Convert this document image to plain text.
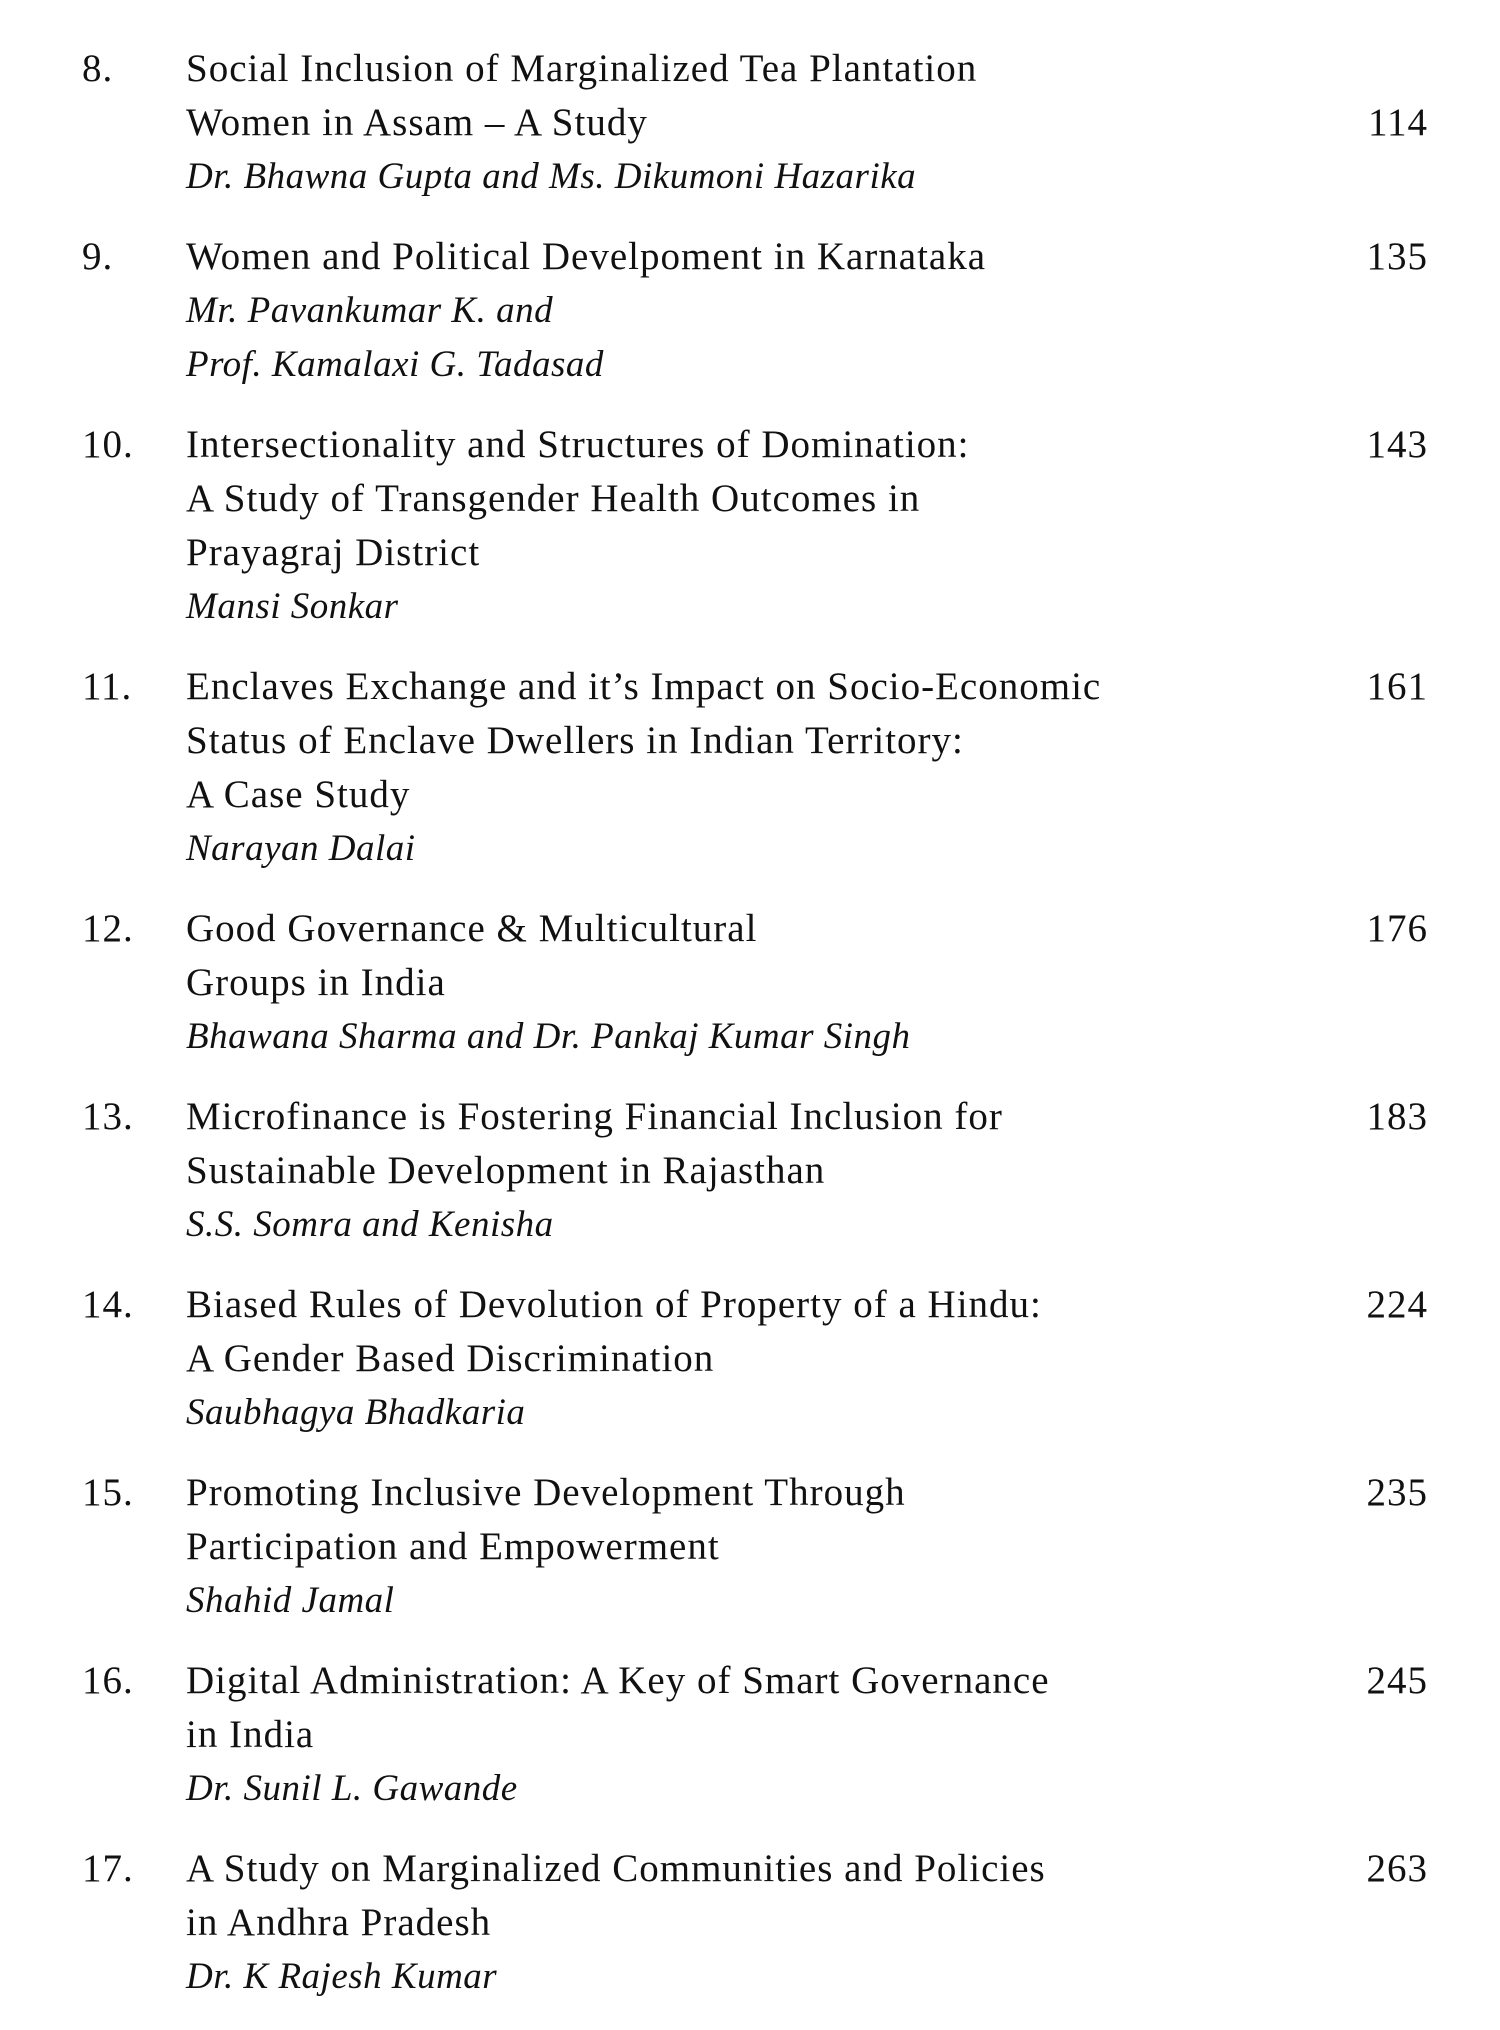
8.	Social Inclusion of Marginalized Tea Plantation
Women in Assam – A Study
Dr. Bhawna Gupta and Ms. Dikumoni Hazarika
114
9.	Women and Political Develpoment in Karnataka
Mr. Pavankumar K. and
Prof. Kamalaxi G. Tadasad
135
10.	Intersectionality and Structures of Domination:
A Study of Transgender Health Outcomes in
Prayagraj District
Mansi Sonkar
143
11.	Enclaves Exchange and it’s Impact on Socio-Economic
Status of Enclave Dwellers in Indian Territory:
A Case Study
Narayan Dalai
161
12.	Good Governance & Multicultural
Groups in India
Bhawana Sharma and Dr. Pankaj Kumar Singh
176
13.	Microfinance is Fostering Financial Inclusion for
Sustainable Development in Rajasthan
S.S. Somra and Kenisha
183
14.	Biased Rules of Devolution of Property of a Hindu:
A Gender Based Discrimination
Saubhagya Bhadkaria
224
15.	Promoting Inclusive Development Through
Participation and Empowerment
Shahid Jamal
235
16.	Digital Administration: A Key of Smart Governance
in India
Dr. Sunil L. Gawande
245
17.	A Study on Marginalized Communities and Policies
in Andhra Pradesh
Dr. K Rajesh Kumar
263
